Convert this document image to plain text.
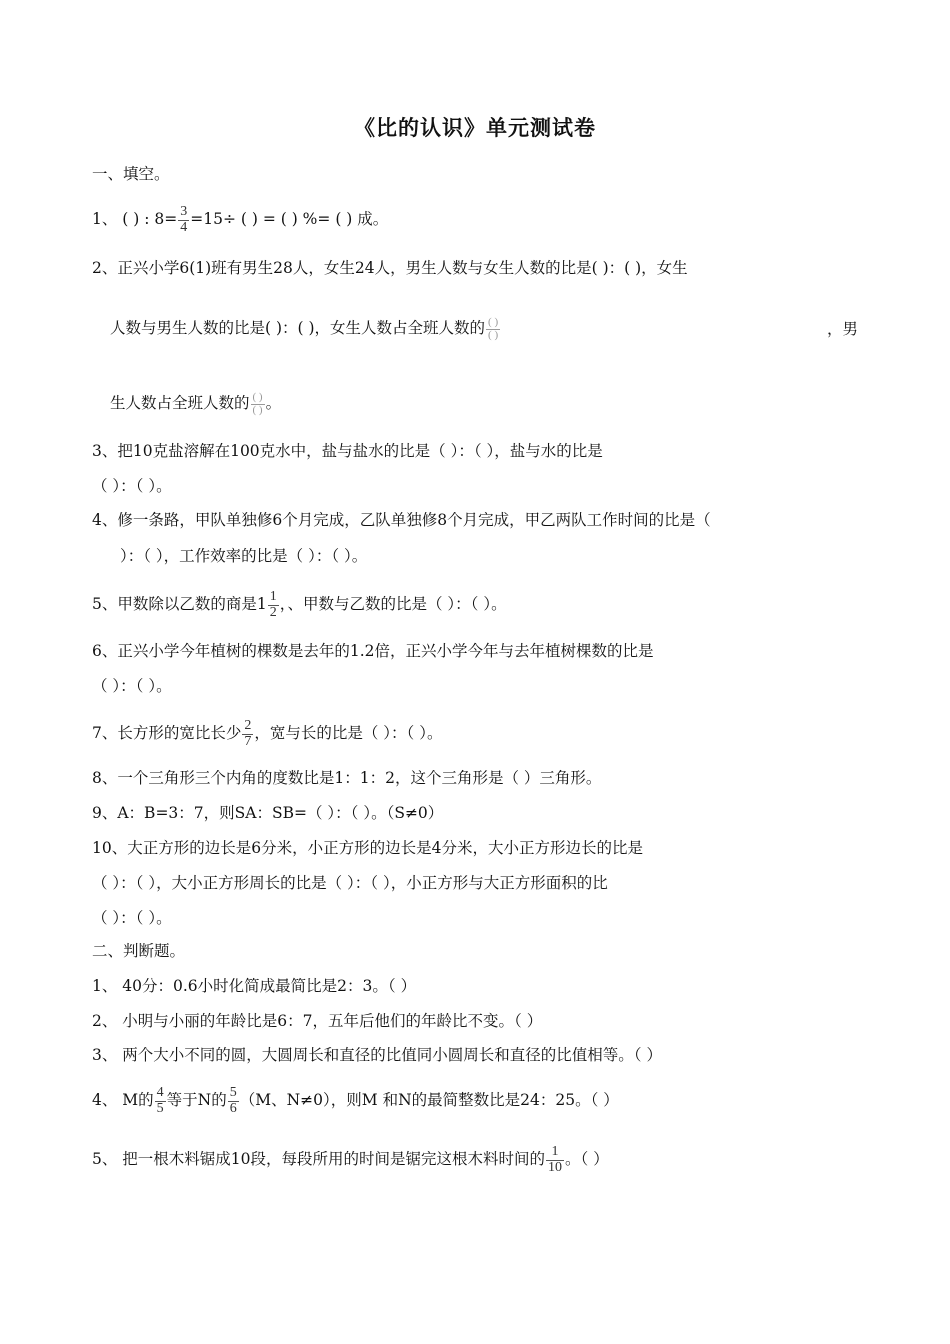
《比的认识》单元测试卷
一、填空。
1、 ( ) : $8= \frac{3}{4} =15\div$ ( ) = ( ) %= ( ) 成。
2、正兴小学6(1)班有男生28人，女生24人，男生人数与女生人数的比是( )：( )，女生
人数与男生人数的比是( )：( )，女生人数占全班人数的 $\frac{( )}{( )}$	，男
生人数占全班人数的 $\frac{( )}{( )}$ 。
3、把10克盐溶解在100克水中，盐与盐水的比是（ ）：（ ），盐与水的比是
（ ）：（ ）。
4、修一条路，甲队单独修6个月完成，乙队单独修8个月完成，甲乙两队工作时间的比是（
）：（ ），工作效率的比是（ ）：（ ）。
5、甲数除以乙数的商是$1 \frac{1}{2}$ ，、甲数与乙数的比是（ ）：（ ）。
6、正兴小学今年植树的棵数是去年的1.2倍，正兴小学今年与去年植树棵数的比是
（ ）：（ ）。
7、长方形的宽比长少 $\frac{2}{7}$ ，宽与长的比是（ ）：（ ）。
8、一个三角形三个内角的度数比是1：1：2，这个三角形是（ ）三角形。
9、A：B=3：7，则SA：SB=（ ）：（ ）。（S≠0）
10、大正方形的边长是6分米，小正方形的边长是4分米，大小正方形边长的比是
（ ）：（ ），大小正方形周长的比是（ ）：（ ），小正方形与大正方形面积的比
（ ）：（ ）。
二、判断题。
1、 40分：0.6小时化简成最简比是2：3。（ ）
2、 小明与小丽的年龄比是6：7，五年后他们的年龄比不变。（ ）
3、 两个大小不同的圆，大圆周长和直径的比值同小圆周长和直径的比值相等。（ ）
4、 M的 $\frac{4}{5}$ 等于N的 $\frac{5}{6} (M$、N≠0），则M 和N的最简整数比是24：25。（ ）
5、 把一根木料锯成10段，每段所用的时间是锯完这根木料时间的 $\frac{1}{10}$ 。（ ）
